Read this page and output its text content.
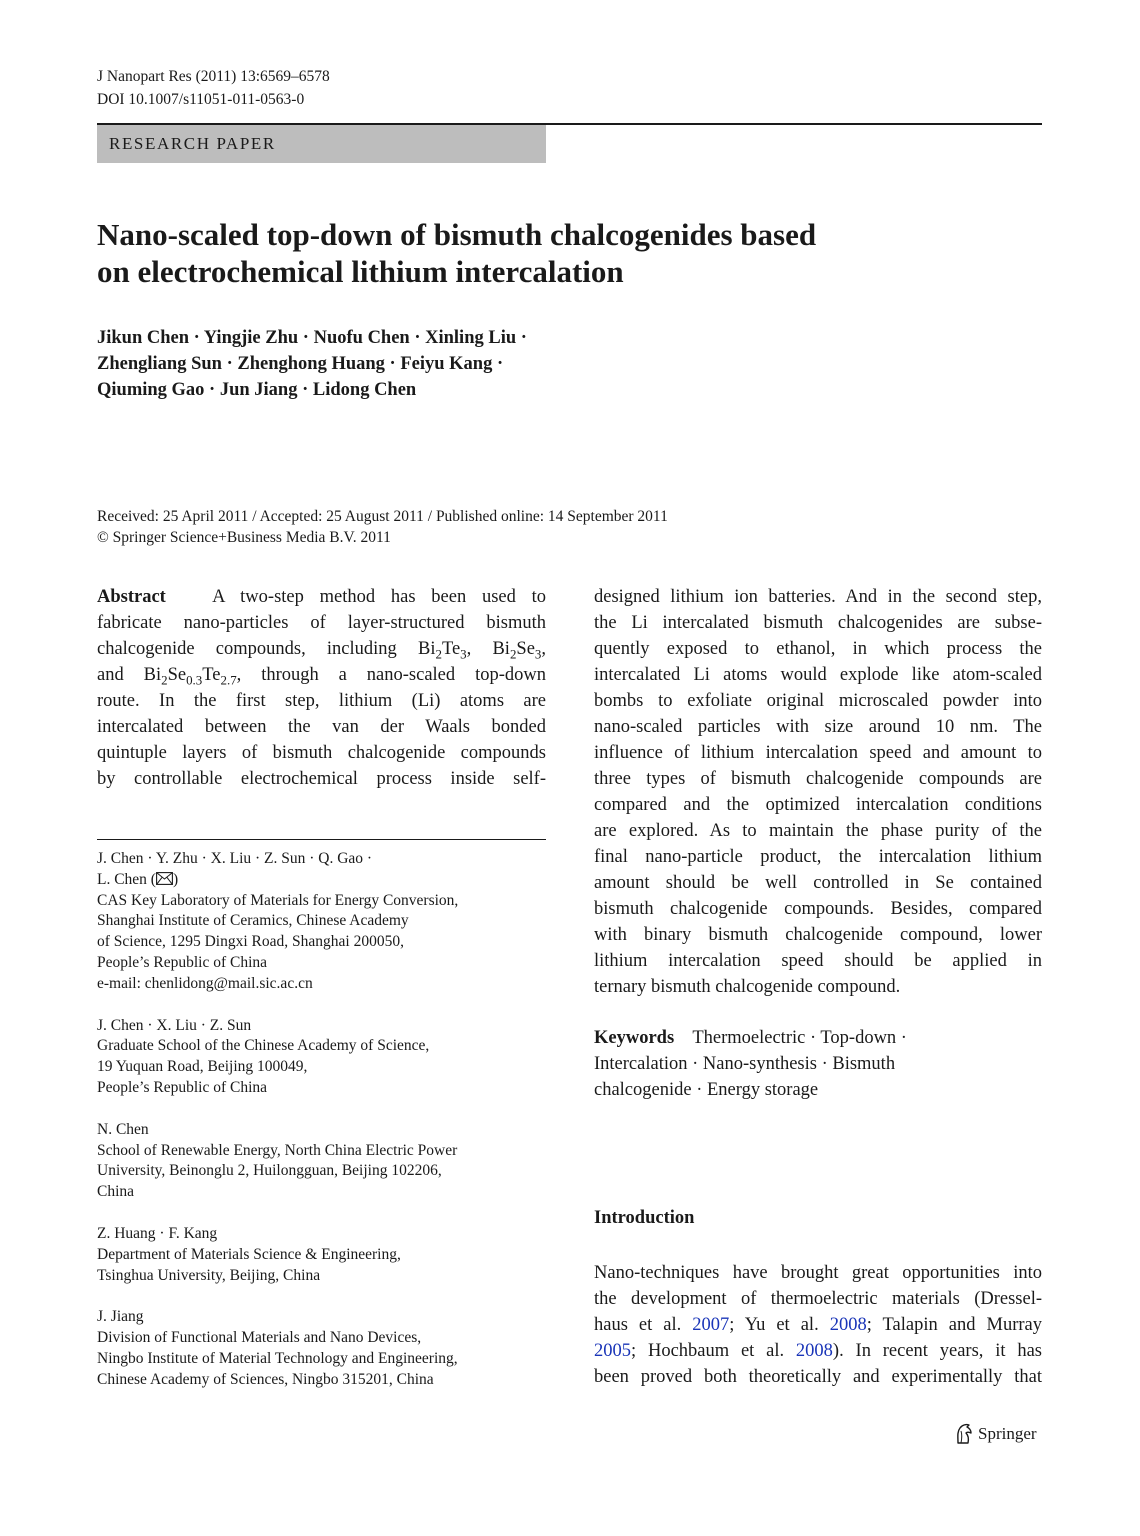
J Nanopart Res (2011) 13:6569–6578
DOI 10.1007/s11051-011-0563-0
RESEARCH PAPER
Nano-scaled top-down of bismuth chalcogenides based
on electrochemical lithium intercalation
Jikun Chen · Yingjie Zhu · Nuofu Chen · Xinling Liu ·
Zhengliang Sun · Zhenghong Huang · Feiyu Kang ·
Qiuming Gao · Jun Jiang · Lidong Chen
Received: 25 April 2011 / Accepted: 25 August 2011 / Published online: 14 September 2011
© Springer Science+Business Media B.V. 2011
Abstract A two-step method has been used to
fabricate nano-particles of layer-structured bismuth
chalcogenide compounds, including $Bi_2Te_3$, $Bi_2Se_3$,
and $Bi_2Se_{0.3}Te_{2.7}$, through a nano-scaled top-down
route. In the first step, lithium (Li) atoms are
intercalated between the van der Waals bonded
quintuple layers of bismuth chalcogenide compounds
by controllable electrochemical process inside self-
designed lithium ion batteries. And in the second step,
the Li intercalated bismuth chalcogenides are subse-
quently exposed to ethanol, in which process the
intercalated Li atoms would explode like atom-scaled
bombs to exfoliate original microscaled powder into
nano-scaled particles with size around 10 nm. The
influence of lithium intercalation speed and amount to
three types of bismuth chalcogenide compounds are
compared and the optimized intercalation conditions
are explored. As to maintain the phase purity of the
final nano-particle product, the intercalation lithium
amount should be well controlled in Se contained
bismuth chalcogenide compounds. Besides, compared
with binary bismuth chalcogenide compound, lower
lithium intercalation speed should be applied in
ternary bismuth chalcogenide compound.
Keywords Thermoelectric · Top-down ·
Intercalation · Nano-synthesis · Bismuth
chalcogenide · Energy storage
J. Chen · Y. Zhu · X. Liu · Z. Sun · Q. Gao ·
L. Chen ( )
CAS Key Laboratory of Materials for Energy Conversion,
Shanghai Institute of Ceramics, Chinese Academy
of Science, 1295 Dingxi Road, Shanghai 200050,
People’s Republic of China
e-mail: chenlidong@mail.sic.ac.cn
J. Chen · X. Liu · Z. Sun
Graduate School of the Chinese Academy of Science,
19 Yuquan Road, Beijing 100049,
People’s Republic of China
N. Chen
School of Renewable Energy, North China Electric Power
University, Beinonglu 2, Huilongguan, Beijing 102206,
China
Z. Huang · F. Kang
Department of Materials Science & Engineering,
Tsinghua University, Beijing, China
J. Jiang
Division of Functional Materials and Nano Devices,
Ningbo Institute of Material Technology and Engineering,
Chinese Academy of Sciences, Ningbo 315201, China
Introduction
Nano-techniques have brought great opportunities into
the development of thermoelectric materials (Dressel-
haus et al. 2007; Yu et al. 2008; Talapin and Murray
2005; Hochbaum et al. 2008). In recent years, it has
been proved both theoretically and experimentally that
Springer
